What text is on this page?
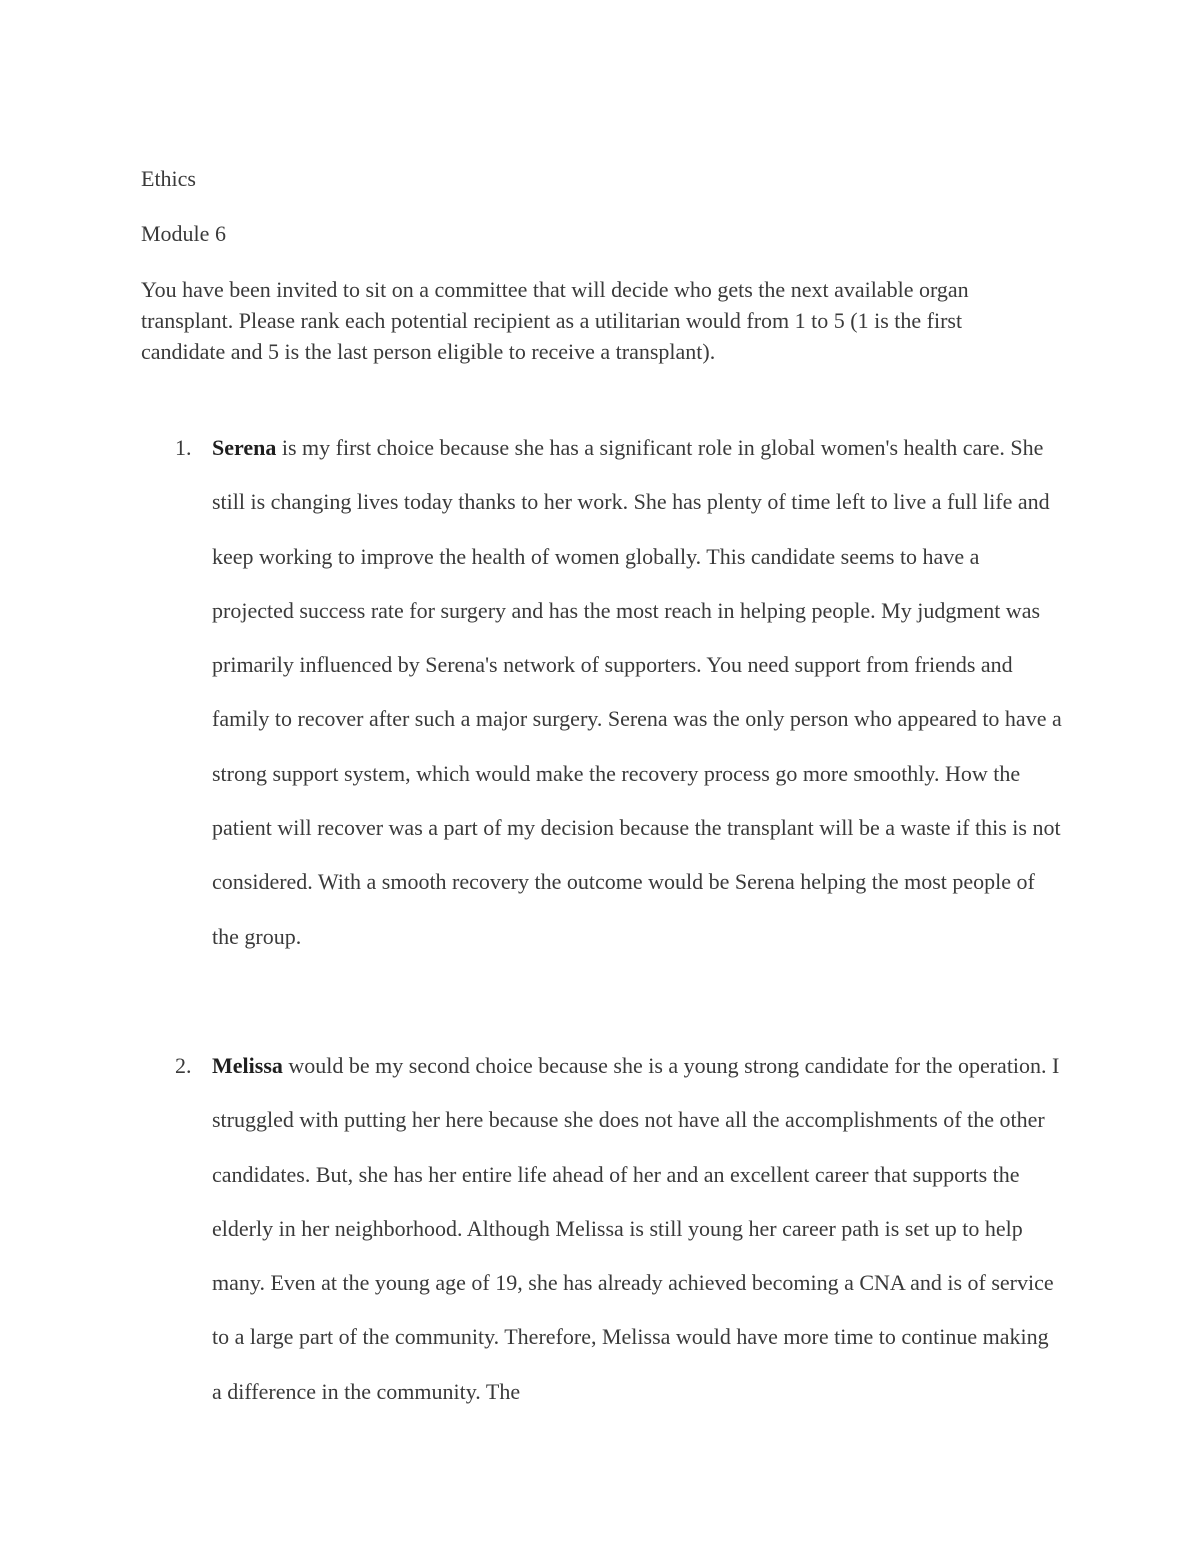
Ethics

Module 6

You have been invited to sit on a committee that will decide who gets the next available organ transplant. Please rank each potential recipient as a utilitarian would from 1 to 5 (1 is the first candidate and 5 is the last person eligible to receive a transplant).

1. Serena is my first choice because she has a significant role in global women's health care. She still is changing lives today thanks to her work. She has plenty of time left to live a full life and keep working to improve the health of women globally. This candidate seems to have a projected success rate for surgery and has the most reach in helping people. My judgment was primarily influenced by Serena's network of supporters. You need support from friends and family to recover after such a major surgery. Serena was the only person who appeared to have a strong support system, which would make the recovery process go more smoothly. How the patient will recover was a part of my decision because the transplant will be a waste if this is not considered. With a smooth recovery the outcome would be Serena helping the most people of the group.

2. Melissa would be my second choice because she is a young strong candidate for the operation. I struggled with putting her here because she does not have all the accomplishments of the other candidates. But, she has her entire life ahead of her and an excellent career that supports the elderly in her neighborhood. Although Melissa is still young her career path is set up to help many. Even at the young age of 19, she has already achieved becoming a CNA and is of service to a large part of the community. Therefore, Melissa would have more time to continue making a difference in the community. The
